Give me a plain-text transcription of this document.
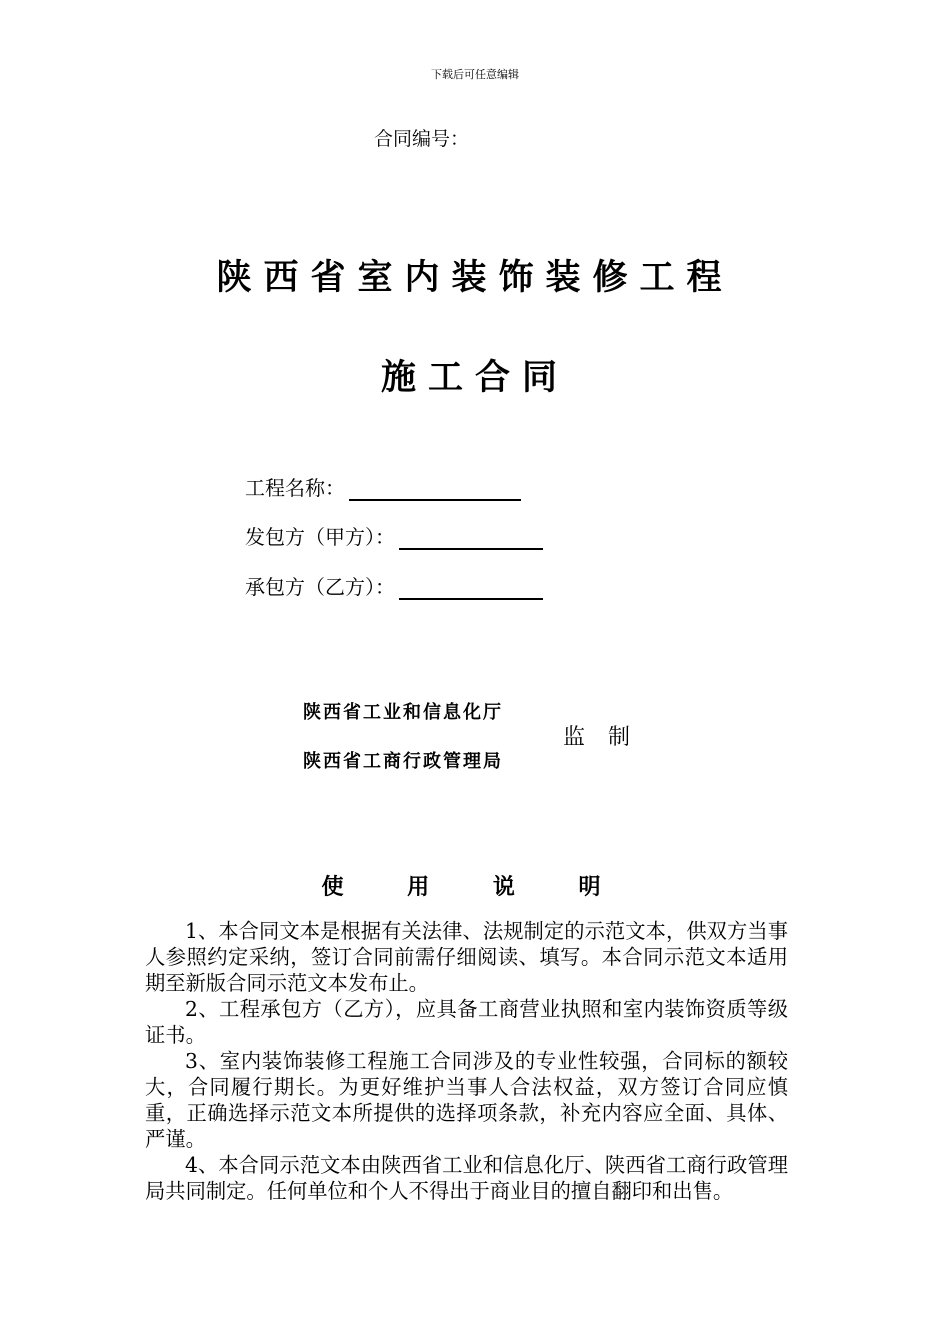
下载后可任意编辑
合同编号：
陕西省室内装饰装修工程
施工合同
工程名称：
发包方（甲方）：
承包方（乙方）：
陕西省工业和信息化厅
陕西省工商行政管理局
监 制
使 用 说 明

1、本合同文本是根据有关法律、法规制定的示范文本，供双方当事人参照约定采纳，签订合同前需仔细阅读、填写。本合同示范文本适用期至新版合同示范文本发布止。

2、工程承包方（乙方），应具备工商营业执照和室内装饰资质等级证书。

3、室内装饰装修工程施工合同涉及的专业性较强，合同标的额较大，合同履行期长。为更好维护当事人合法权益，双方签订合同应慎重，正确选择示范文本所提供的选择项条款，补充内容应全面、具体、严谨。

4、本合同示范文本由陕西省工业和信息化厅、陕西省工商行政管理局共同制定。任何单位和个人不得出于商业目的擅自翻印和出售。
